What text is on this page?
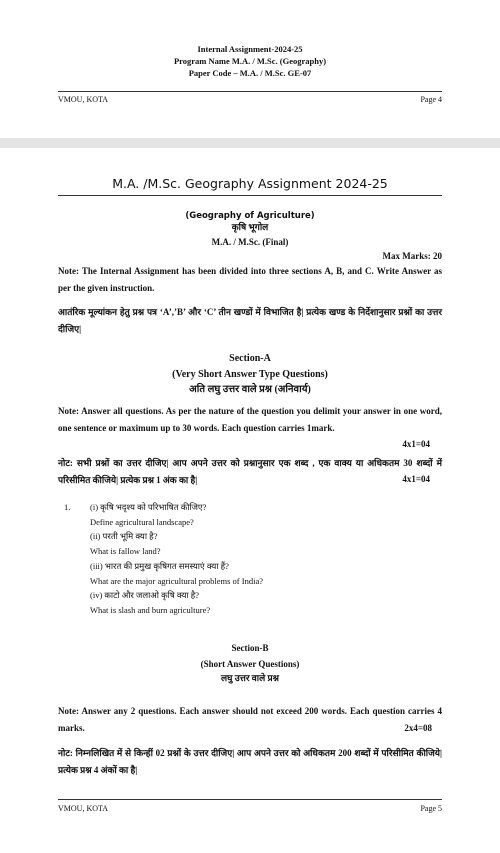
Internal Assignment-2024-25
Program Name M.A. / M.Sc. (Geography)
Paper Code – M.A. / M.Sc. GE-07
VMOU, KOTA	Page 4
M.A. /M.Sc. Geography Assignment 2024-25
(Geography of Agriculture)
कृषि भूगोल
M.A. / M.Sc. (Final)
Max Marks: 20
Note: The Internal Assignment has been divided into three sections A, B, and C. Write Answer as per the given instruction.
आतंरिक मूल्यांकन हेतु प्रश्न पत्र ‘A’,’B’ और ‘C’ तीन खण्डों में विभाजित है| प्रत्येक खण्ड के निर्देशानुसार प्रश्नों का उत्तर दीजिए|
Section-A
(Very Short Answer Type Questions)
अति लघु उत्तर वाले प्रश्न (अनिवार्य)
Note: Answer all questions. As per the nature of the question you delimit your answer in one word, one sentence or maximum up to 30 words. Each question carries 1mark.
4x1=04
नोट: सभी प्रश्नों का उत्तर दीजिए| आप अपने उत्तर को प्रश्नानुसार एक शब्द , एक वाक्य या अधिकतम 30 शब्दों में परिसीमित कीजिये| प्रत्येक प्रश्न 1 अंक का है|	4x1=04
1.	(i) कृषि भदृश्य को परिभाषित कीजिए?
Define agricultural landscape?
(ii) परती भूमि क्या है?
What is fallow land?
(iii) भारत की प्रमुख कृषिगत समस्याएं क्या हैं?
What are the major agricultural problems of India?
(iv) काटो और जलाओ कृषि क्या है?
What is slash and burn agriculture?
Section-B
(Short Answer Questions)
लघु उत्तर वाले प्रश्न
Note: Answer any 2 questions. Each answer should not exceed 200 words. Each question carries 4 marks.	2x4=08
नोट: निम्नलिखित में से किन्हीं 02 प्रश्नों के उत्तर दीजिए| आप अपने उत्तर को अधिकतम 200 शब्दों में परिसीमित कीजिये| प्रत्येक प्रश्न 4 अंकों का है|
VMOU, KOTA	Page 5
